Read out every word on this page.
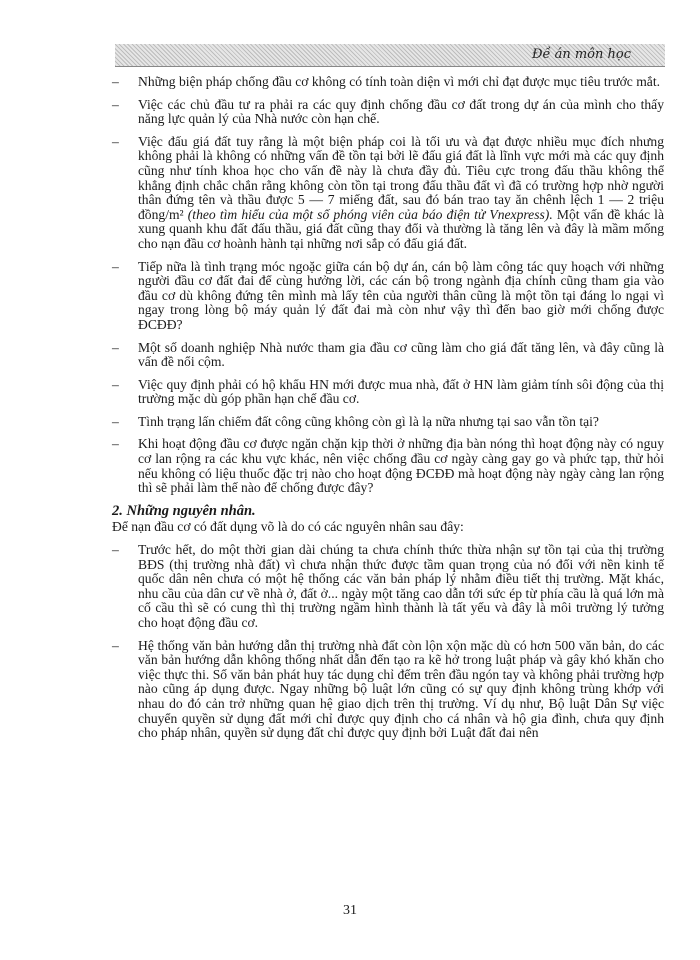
Đề án môn học
– Những biện pháp chống đầu cơ không có tính toàn diện vì mới chỉ đạt được mục tiêu trước mắt.
– Việc các chủ đầu tư ra phải ra các quy định chống đầu cơ đất trong dự án của mình cho thấy năng lực quản lý của Nhà nước còn hạn chế.
– Việc đấu giá đất tuy rằng là một biện pháp coi là tối ưu và đạt được nhiều mục đích nhưng không phải là không có những vấn đề tồn tại bởi lẽ đấu giá đất là lĩnh vực mới mà các quy định cũng như tính khoa học cho vấn đề này là chưa đầy đủ. Tiêu cực trong đấu thầu không thể khẳng định chắc chắn rằng không còn tồn tại trong đấu thầu đất vì đã có trường hợp nhờ người thân đứng tên và thầu được 5 — 7 miếng đất, sau đó bán trao tay ăn chênh lệch 1 — 2 triệu đồng/m² (theo tìm hiểu của một số phóng viên của báo điện tử Vnexpress). Một vấn đề khác là xung quanh khu đất đấu thầu, giá đất cũng thay đổi và thường là tăng lên và đây là mầm mống cho nạn đầu cơ hoành hành tại những nơi sắp có đấu giá đất.
– Tiếp nữa là tình trạng móc ngoặc giữa cán bộ dự án, cán bộ làm công tác quy hoạch với những người đầu cơ đất đai để cùng hưởng lời, các cán bộ trong ngành địa chính cũng tham gia vào đầu cơ dù không đứng tên mình mà lấy tên của người thân cũng là một tồn tại đáng lo ngại vì ngay trong lòng bộ máy quản lý đất đai mà còn như vậy thì đến bao giờ mới chống được ĐCĐĐ?
– Một số doanh nghiệp Nhà nước tham gia đầu cơ cũng làm cho giá đất tăng lên, và đây cũng là vấn đề nổi cộm.
– Việc quy định phải có hộ khẩu HN mới được mua nhà, đất ở HN làm giảm tính sôi động của thị trường mặc dù góp phần hạn chế đầu cơ.
– Tình trạng lấn chiếm đất công cũng không còn gì là lạ nữa nhưng tại sao vẫn tồn tại?
– Khi hoạt động đầu cơ được ngăn chặn kịp thời ở những địa bàn nóng thì hoạt động này có nguy cơ lan rộng ra các khu vực khác, nên việc chống đầu cơ ngày càng gay go và phức tạp, thử hỏi nếu không có liệu thuốc đặc trị nào cho hoạt động ĐCĐĐ mà hoạt động này ngày càng lan rộng thì sẽ phải làm thế nào để chống được đây?
2. Những nguyên nhân.
Để nạn đầu cơ có đất dụng võ là do có các nguyên nhân sau đây:
– Trước hết, do một thời gian dài chúng ta chưa chính thức thừa nhận sự tồn tại của thị trường BĐS (thị trường nhà đất) vì chưa nhận thức được tầm quan trọng của nó đối với nền kinh tế quốc dân nên chưa có một hệ thống các văn bản pháp lý nhằm điều tiết thị trường. Mặt khác, nhu cầu của dân cư về nhà ở, đất ở... ngày một tăng cao dẫn tới sức ép từ phía cầu là quá lớn mà cố cầu thì sẽ có cung thì thị trường ngầm hình thành là tất yếu và đây là môi trường lý tưởng cho hoạt động đầu cơ.
– Hệ thống văn bản hướng dẫn thị trường nhà đất còn lộn xộn mặc dù có hơn 500 văn bản, do các văn bản hướng dẫn không thống nhất dẫn đến tạo ra kẽ hở trong luật pháp và gây khó khăn cho việc thực thi. Số văn bản phát huy tác dụng chỉ đếm trên đầu ngón tay và không phải trường hợp nào cũng áp dụng được. Ngay những bộ luật lớn cũng có sự quy định không trùng khớp với nhau do đó cản trở những quan hệ giao dịch trên thị trường. Ví dụ như, Bộ luật Dân Sự việc chuyển quyền sử dụng đất mới chỉ được quy định cho cá nhân và hộ gia đình, chưa quy định cho pháp nhân, quyền sử dụng đất chỉ được quy định bởi Luật đất đai nên
31
